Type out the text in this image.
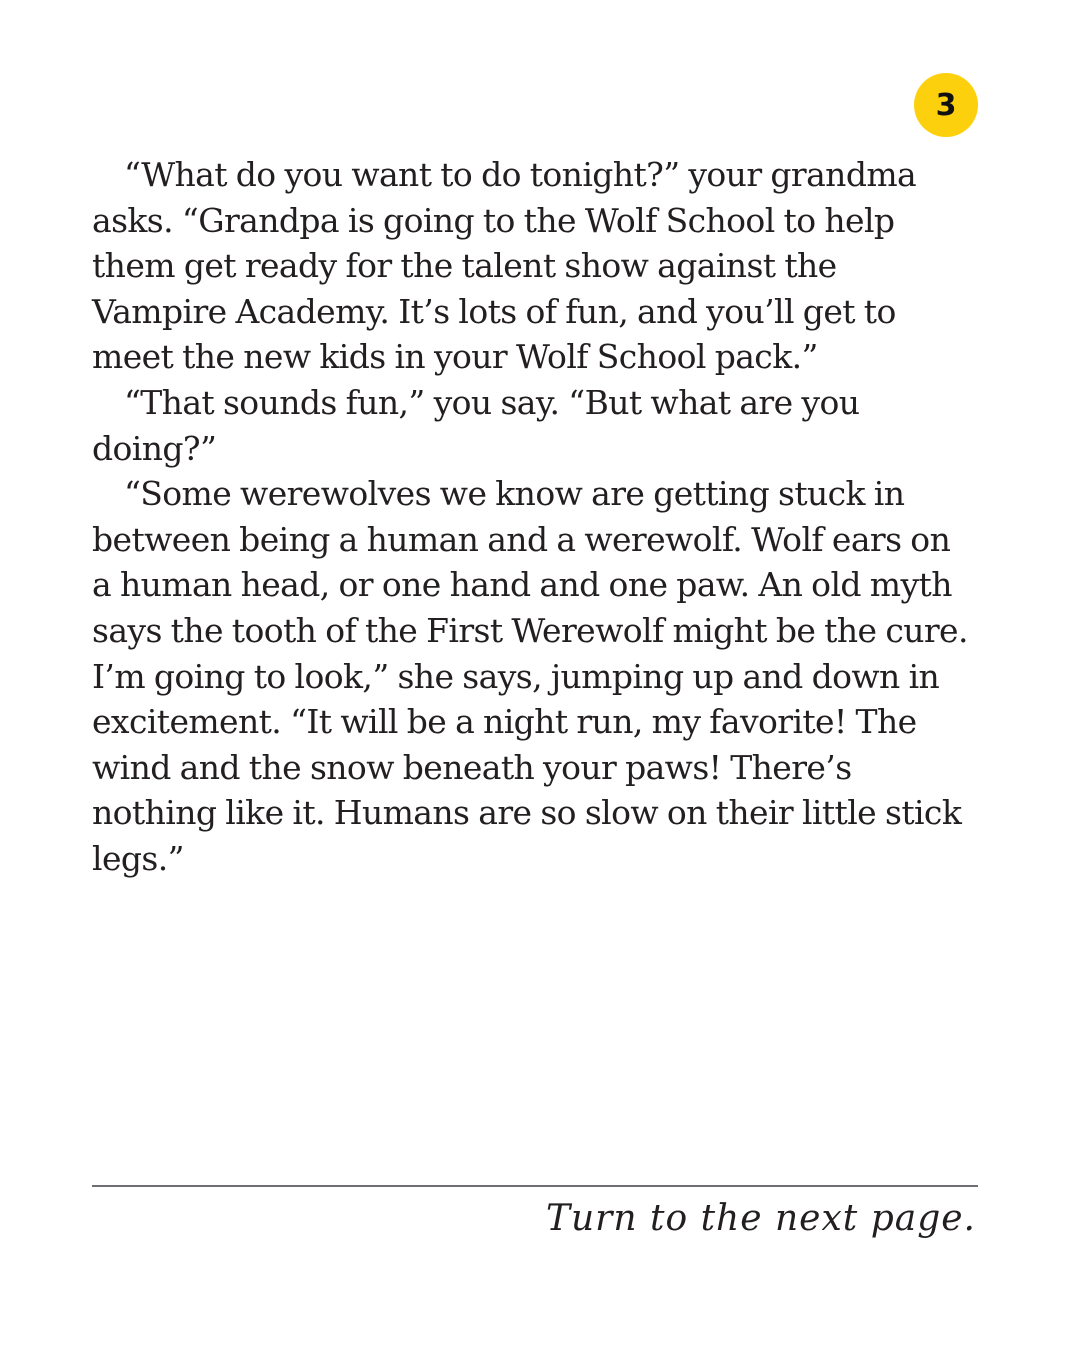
3

“What do you want to do tonight?” your grandma asks. “Grandpa is going to the Wolf School to help them get ready for the talent show against the Vampire Academy. It’s lots of fun, and you’ll get to meet the new kids in your Wolf School pack.”

“That sounds fun,” you say. “But what are you doing?”

“Some werewolves we know are getting stuck in between being a human and a werewolf. Wolf ears on a human head, or one hand and one paw. An old myth says the tooth of the First Werewolf might be the cure. I’m going to look,” she says, jumping up and down in excitement. “It will be a night run, my favorite! The wind and the snow beneath your paws! There’s nothing like it. Humans are so slow on their little stick legs.”

Turn to the next page.
